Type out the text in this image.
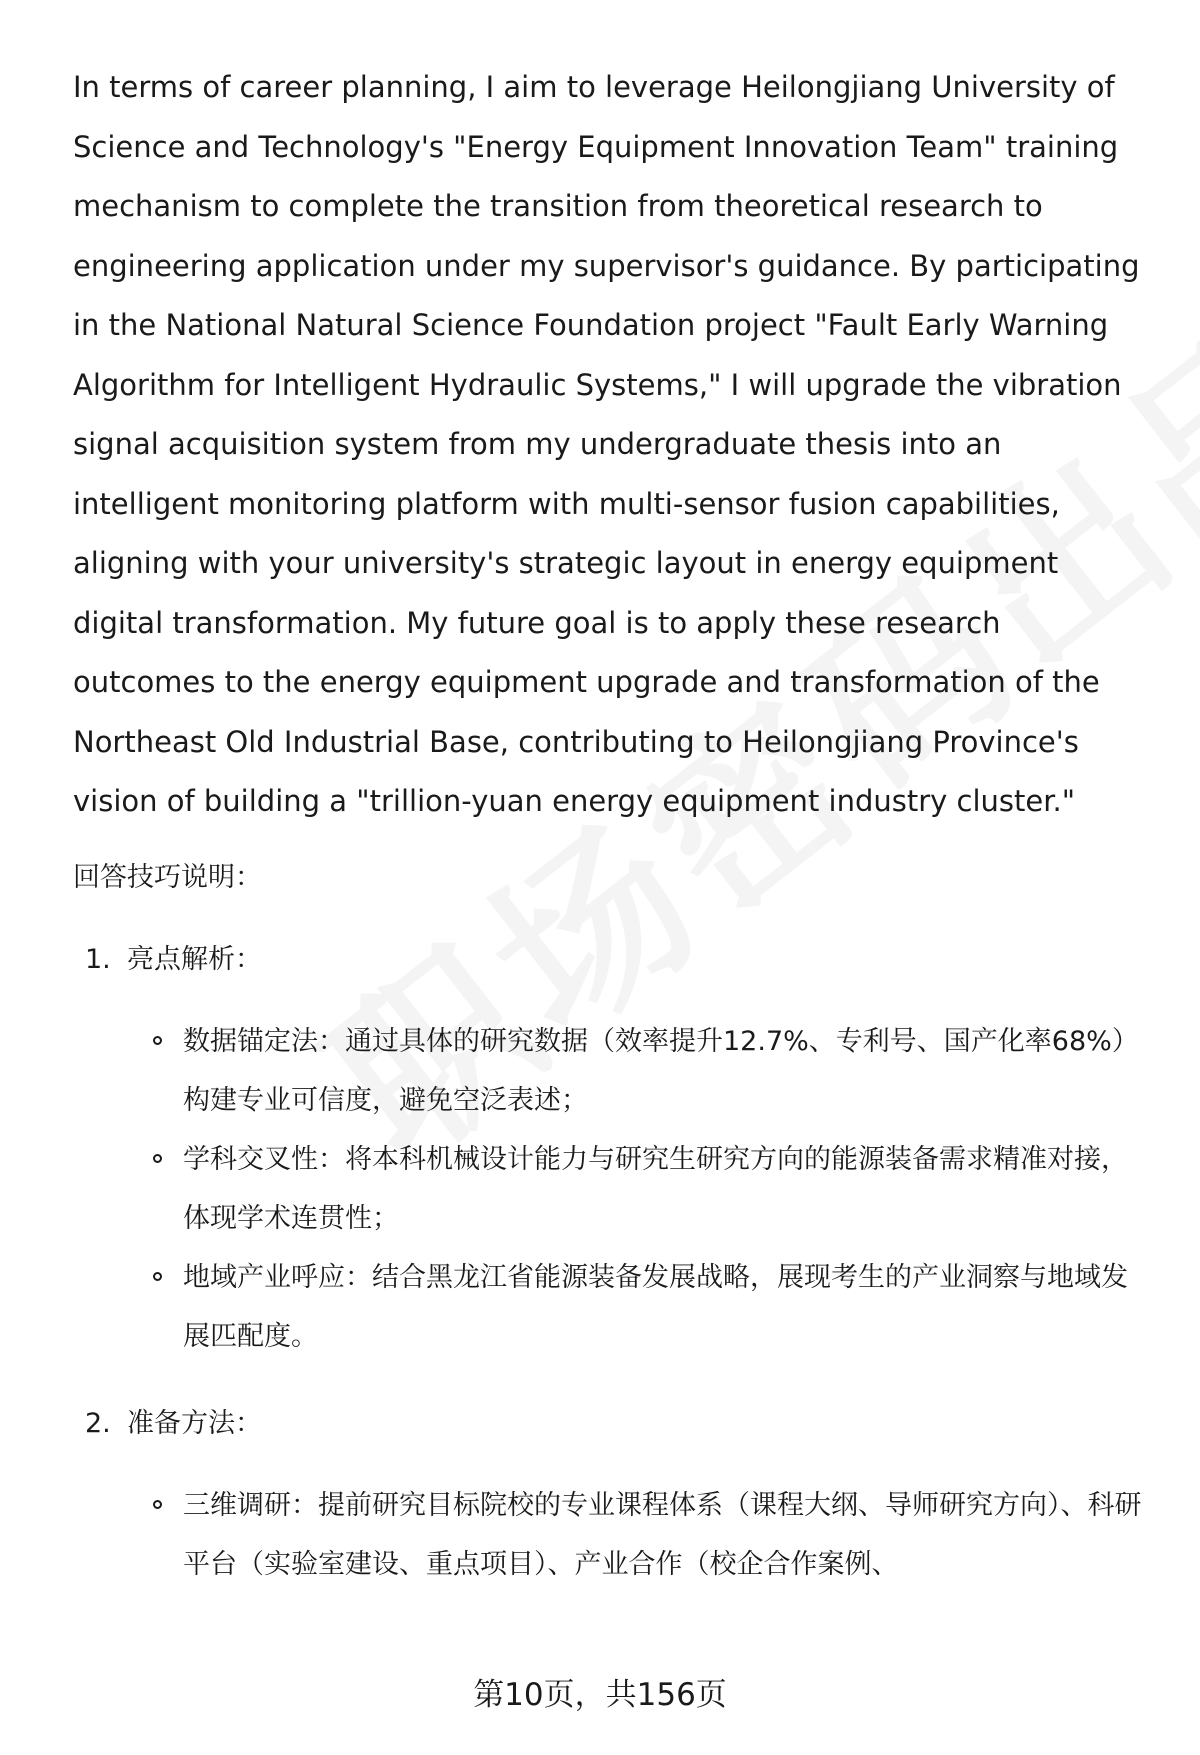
In terms of career planning, I aim to leverage Heilongjiang University of Science and Technology's "Energy Equipment Innovation Team" training mechanism to complete the transition from theoretical research to engineering application under my supervisor's guidance. By participating in the National Natural Science Foundation project "Fault Early Warning Algorithm for Intelligent Hydraulic Systems," I will upgrade the vibration signal acquisition system from my undergraduate thesis into an intelligent monitoring platform with multi-sensor fusion capabilities, aligning with your university's strategic layout in energy equipment digital transformation. My future goal is to apply these research outcomes to the energy equipment upgrade and transformation of the Northeast Old Industrial Base, contributing to Heilongjiang Province's vision of building a "trillion-yuan energy equipment industry cluster."

回答技巧说明：
1. 亮点解析：
数据锚定法：通过具体的研究数据（效率提升12.7%、专利号、国产化率68%）构建专业可信度，避免空泛表述；
学科交叉性：将本科机械设计能力与研究生研究方向的能源装备需求精准对接，体现学术连贯性；
地域产业呼应：结合黑龙江省能源装备发展战略，展现考生的产业洞察与地域发展匹配度。
2. 准备方法：
三维调研：提前研究目标院校的专业课程体系（课程大纲、导师研究方向）、科研平台（实验室建设、重点项目）、产业合作（校企合作案例、
第10页，共156页
